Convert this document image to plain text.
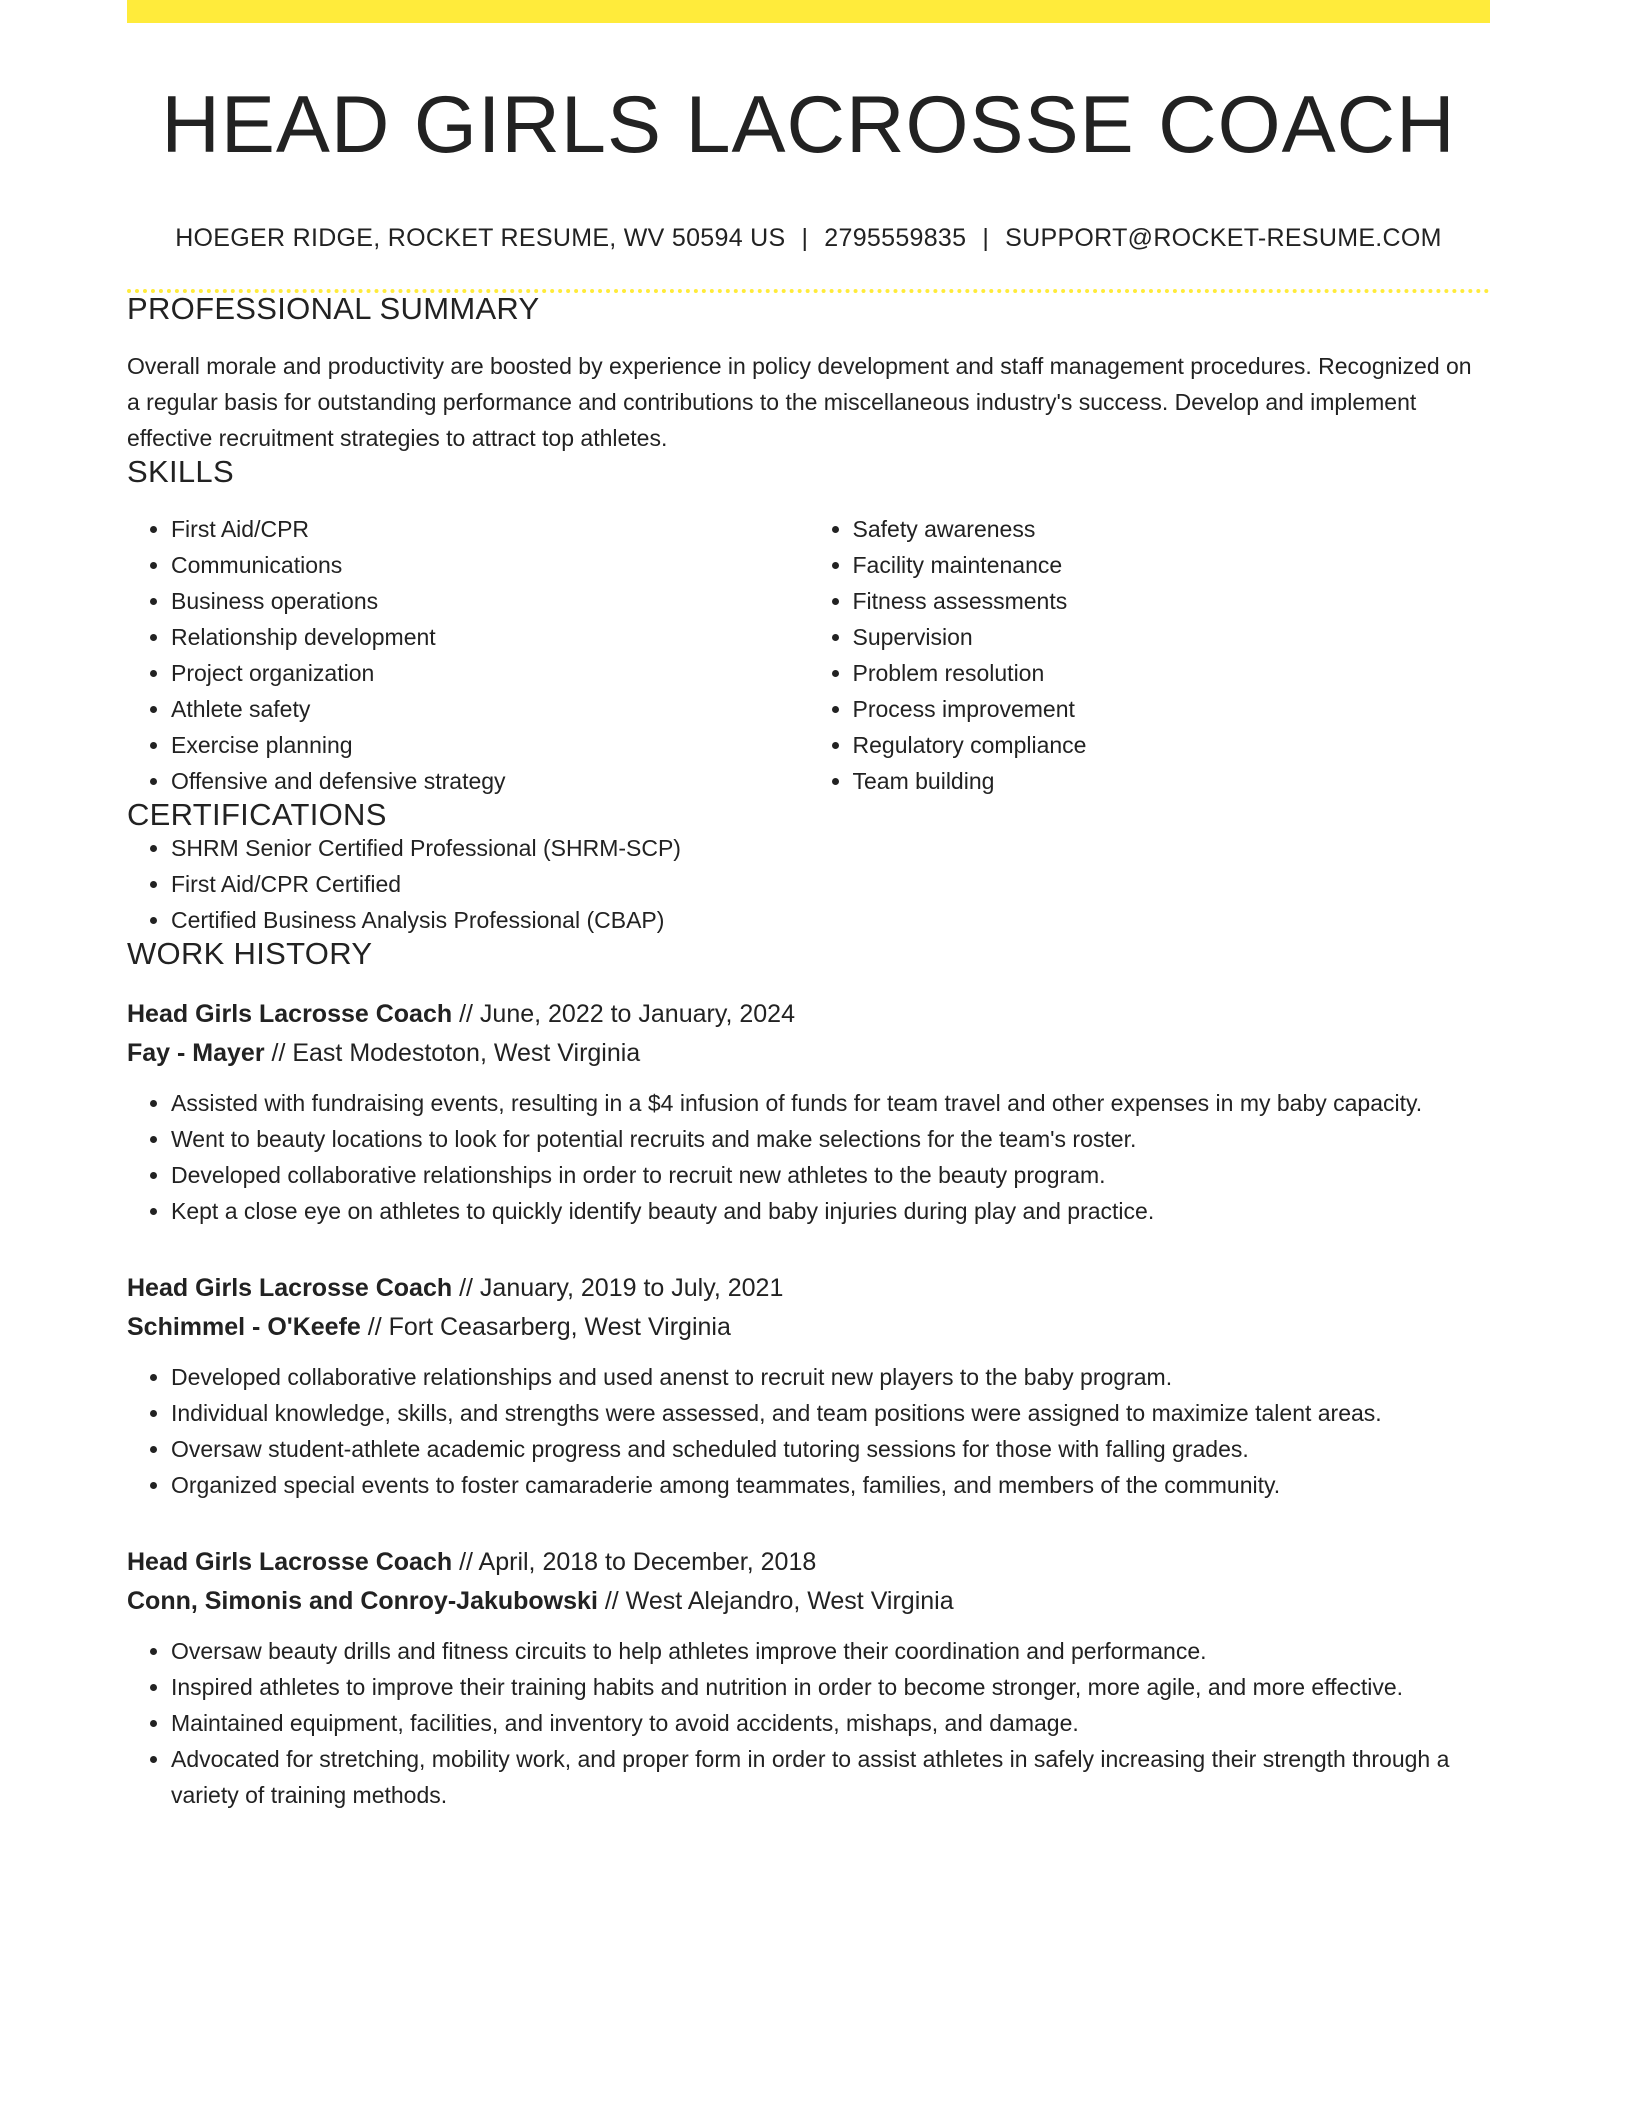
HEAD GIRLS LACROSSE COACH
HOEGER RIDGE, ROCKET RESUME, WV 50594 US | 2795559835 | SUPPORT@ROCKET-RESUME.COM
PROFESSIONAL SUMMARY
Overall morale and productivity are boosted by experience in policy development and staff management procedures. Recognized on a regular basis for outstanding performance and contributions to the miscellaneous industry's success. Develop and implement effective recruitment strategies to attract top athletes.
SKILLS
• First Aid/CPR
• Communications
• Business operations
• Relationship development
• Project organization
• Athlete safety
• Exercise planning
• Offensive and defensive strategy
• Safety awareness
• Facility maintenance
• Fitness assessments
• Supervision
• Problem resolution
• Process improvement
• Regulatory compliance
• Team building
CERTIFICATIONS
• SHRM Senior Certified Professional (SHRM-SCP)
• First Aid/CPR Certified
• Certified Business Analysis Professional (CBAP)
WORK HISTORY
Head Girls Lacrosse Coach // June, 2022 to January, 2024
Fay - Mayer // East Modestoton, West Virginia
• Assisted with fundraising events, resulting in a $4 infusion of funds for team travel and other expenses in my baby capacity.
• Went to beauty locations to look for potential recruits and make selections for the team's roster.
• Developed collaborative relationships in order to recruit new athletes to the beauty program.
• Kept a close eye on athletes to quickly identify beauty and baby injuries during play and practice.
Head Girls Lacrosse Coach // January, 2019 to July, 2021
Schimmel - O'Keefe // Fort Ceasarberg, West Virginia
• Developed collaborative relationships and used anenst to recruit new players to the baby program.
• Individual knowledge, skills, and strengths were assessed, and team positions were assigned to maximize talent areas.
• Oversaw student-athlete academic progress and scheduled tutoring sessions for those with falling grades.
• Organized special events to foster camaraderie among teammates, families, and members of the community.
Head Girls Lacrosse Coach // April, 2018 to December, 2018
Conn, Simonis and Conroy-Jakubowski // West Alejandro, West Virginia
• Oversaw beauty drills and fitness circuits to help athletes improve their coordination and performance.
• Inspired athletes to improve their training habits and nutrition in order to become stronger, more agile, and more effective.
• Maintained equipment, facilities, and inventory to avoid accidents, mishaps, and damage.
• Advocated for stretching, mobility work, and proper form in order to assist athletes in safely increasing their strength through a variety of training methods.
